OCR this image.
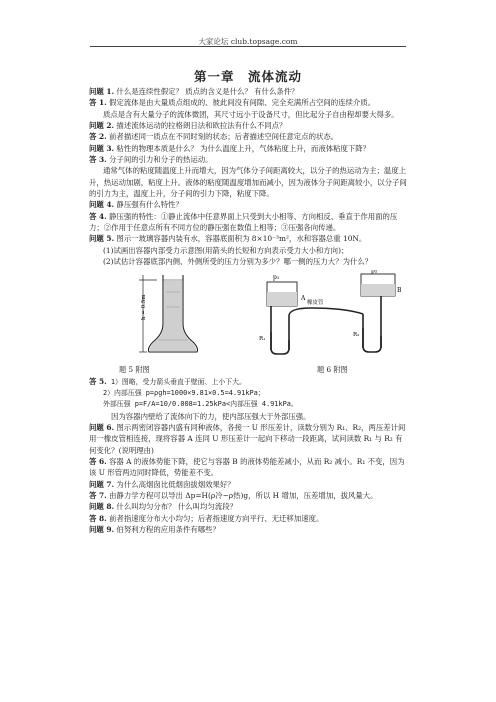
大家论坛 club.topsage.com
第一章　流体流动

问题 1. 什么是连续性假定？ 质点的含义是什么？ 有什么条件？

答 1. 假定流体是由大量质点组成的、彼此间没有间隙、完全充满所占空间的连续介质。

质点是含有大量分子的流体微团，其尺寸远小于设备尺寸，但比起分子自由程却要大得多。

问题 2. 描述流体运动的拉格朗日法和欧拉法有什么不同点？

答 2. 前者描述同一质点在不同时刻的状态；后者描述空间任意定点的状态。

问题 3. 粘性的物理本质是什么？ 为什么温度上升，气体粘度上升，而液体粘度下降？

答 3. 分子间的引力和分子的热运动。

通常气体的粘度随温度上升而增大，因为气体分子间距离较大，以分子的热运动为主；温度上升，热运动加剧，粘度上升。液体的粘度随温度增加而减小，因为液体分子间距离较小，以分子间的引力为主，温度上升，分子间的引力下降，粘度下降。

问题 4. 静压强有什么特性？

答 4. 静压强的特性：①静止流体中任意界面上只受到大小相等、方向相反、垂直于作用面的压力；②作用于任意点所有不同方位的静压强在数值上相等；③压强各向传递。

问题 5. 图示一玻璃容器内装有水，容器底面积为 8×10⁻³m²，水和容器总重 10N。

(1)试画出容器内部受力示意图(用箭头的长短和方向表示受力大小和方向)；

(2)试估计容器底部内侧、外侧所受的压力分别为多少？哪一侧的压力大？为什么？

h = 0.5m
p₁
A
p₂
B
R₁
橡皮管
R₂
题 5 附图	题 6 附图

答 5. 1）图略，受力箭头垂直于壁面、上小下大。

2）内部压强 p=ρgh=1000×9.81×0.5=4.91kPa；

外部压强 p=F/A=10/0.008=1.25kPa<内部压强 4.91kPa。

因为容器内壁给了流体向下的力，使内部压强大于外部压强。

问题 6. 图示两密闭容器内盛有同种液体，各接一 U 形压差计，读数分别为 R₁、R₂，两压差计间用一橡皮管相连接，现将容器 A 连同 U 形压差计一起向下移动一段距离，试问读数 R₁ 与 R₂ 有何变化？(说明理由)

答 6. 容器 A 的液体势能下降，使它与容器 B 的液体势能差减小，从而 R₂ 减小。R₁ 不变，因为该 U 形管两边同时降低，势能差不变。

问题 7. 为什么高烟囱比低烟囱拔烟效果好？

答 7. 由静力学方程可以导出 Δp=H(ρ冷−ρ热)g，所以 H 增加，压差增加，拔风量大。

问题 8. 什么叫均匀分布？ 什么叫均匀流段？

答 8. 前者指速度分布大小均匀；后者指速度方向平行、无迁移加速度。

问题 9. 伯努利方程的应用条件有哪些？
